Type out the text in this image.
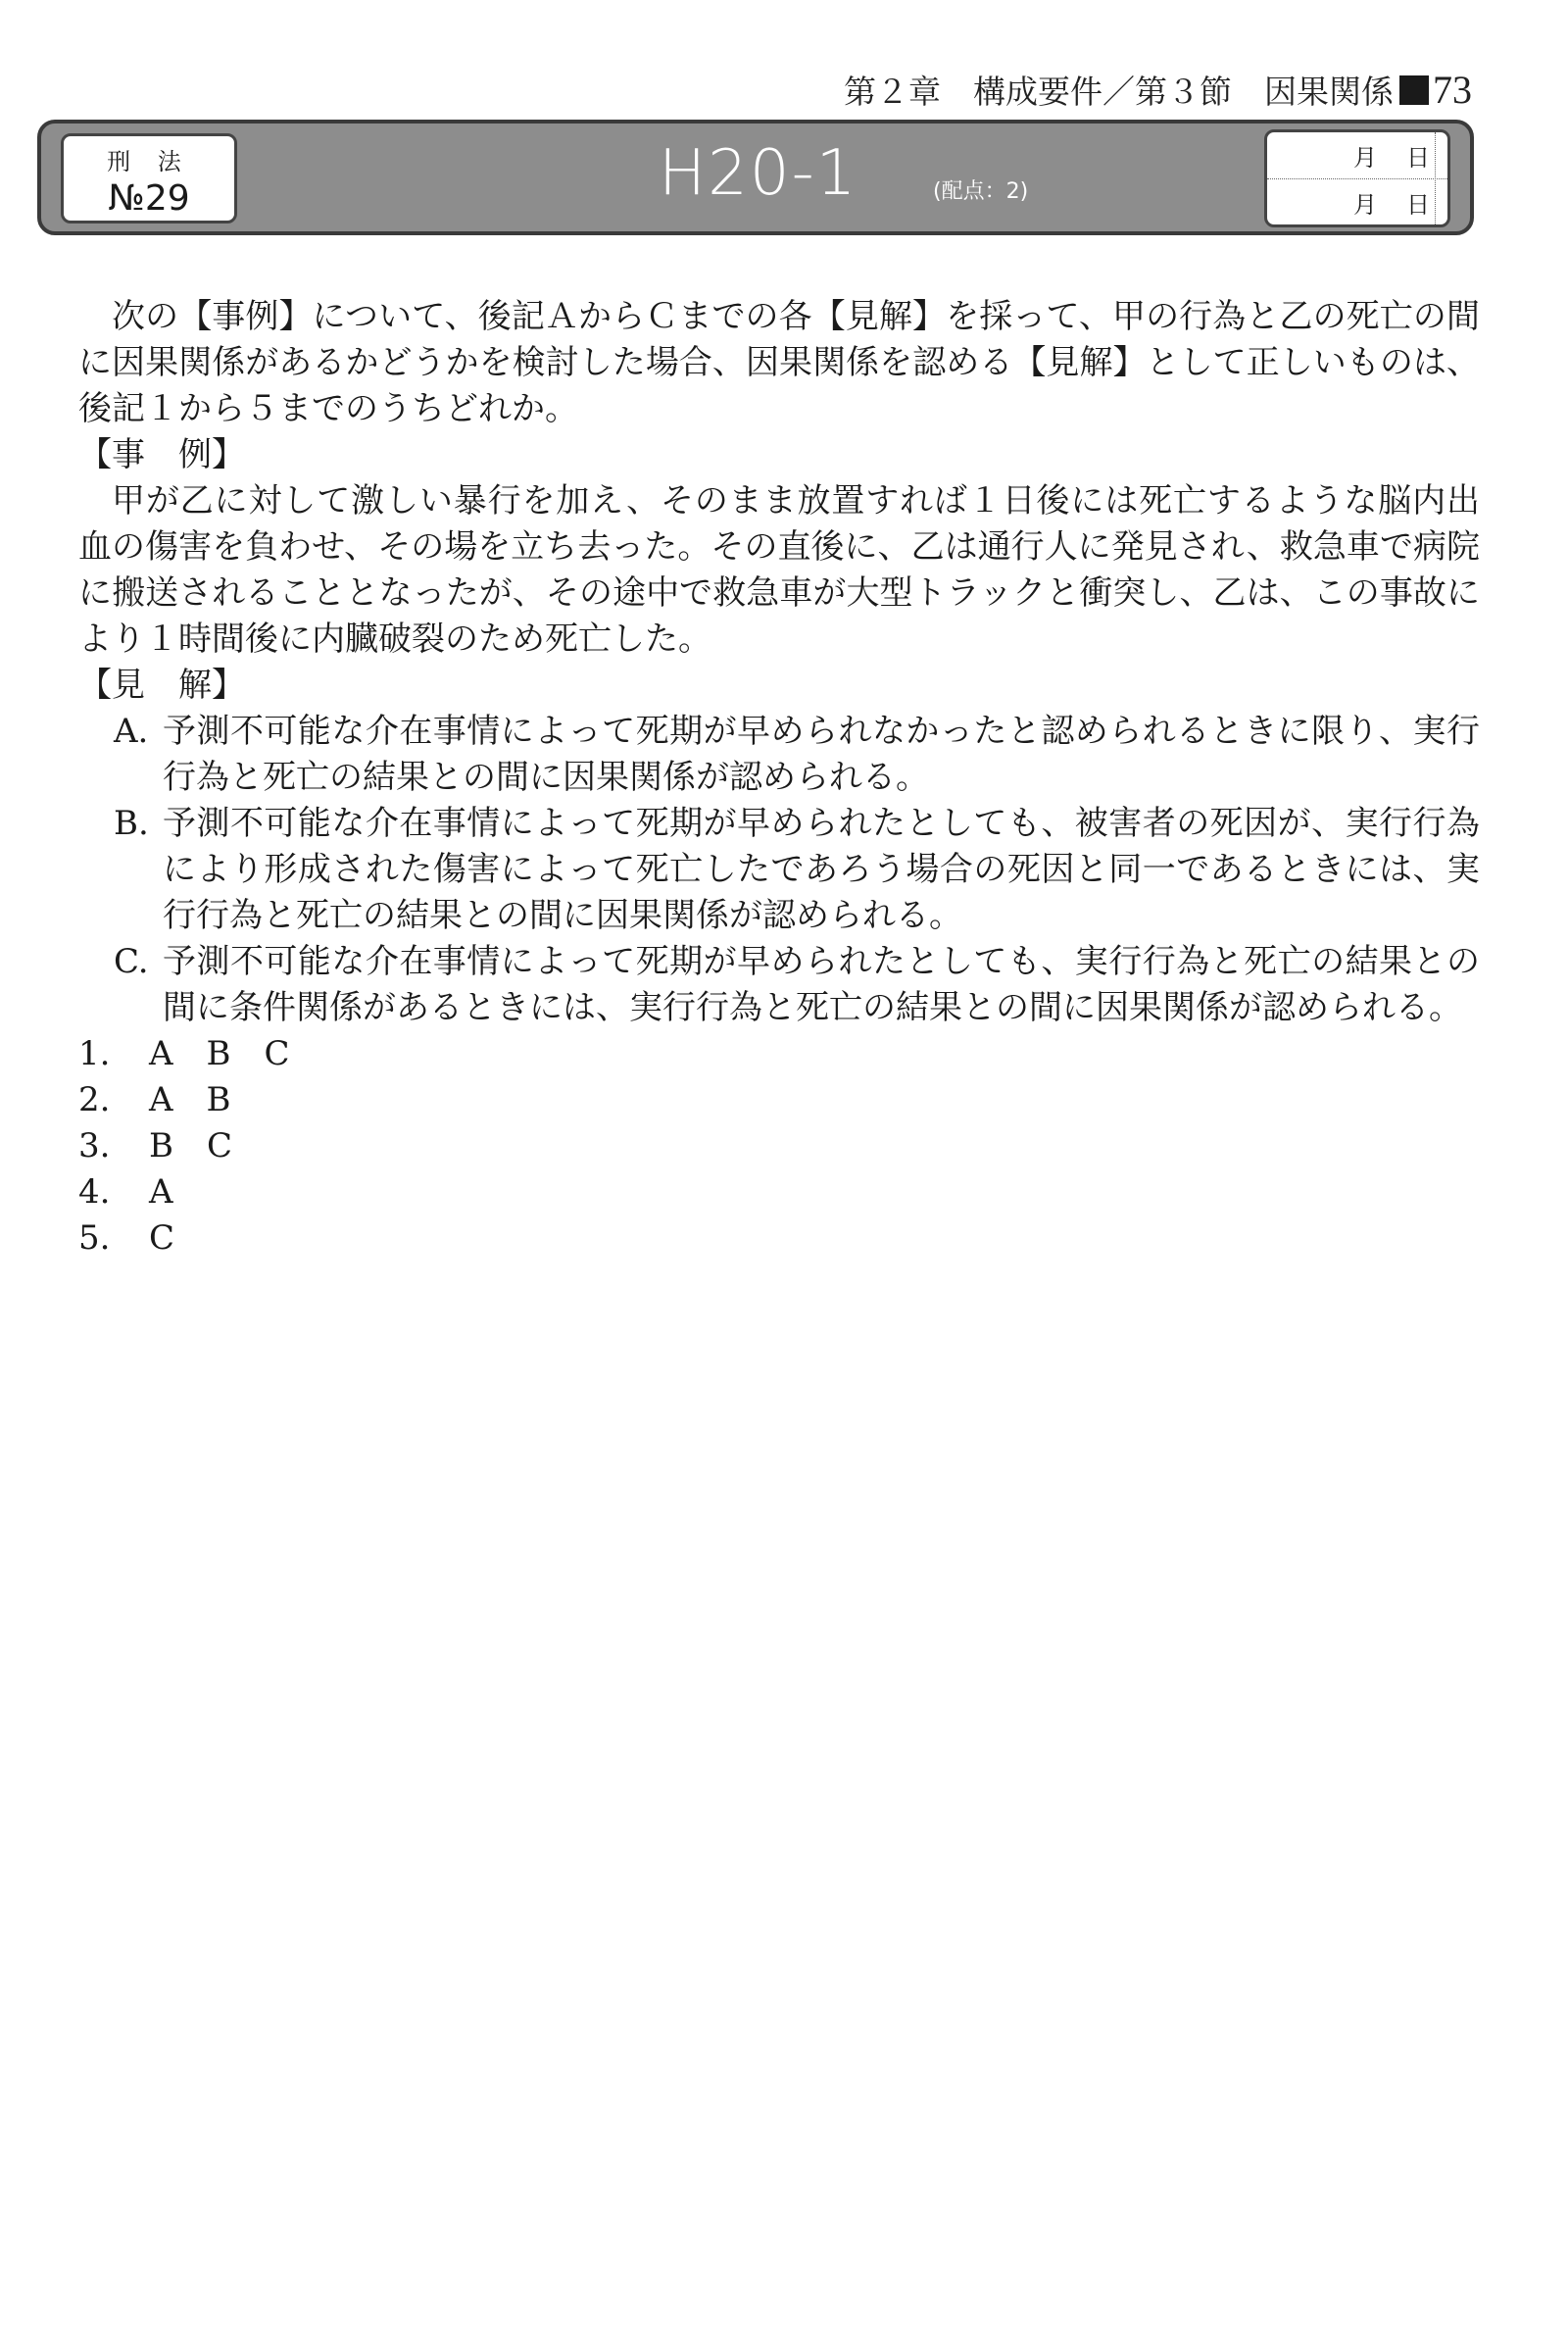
第２章　構成要件／第３節　因果関係 73
刑 法
№29	H20-1	(配点：2)
月 日
月 日

次の【事例】について、後記ＡからＣまでの各【見解】を採って、甲の行為と乙の死亡の間に因果関係があるかどうかを検討した場合、因果関係を認める【見解】として正しいものは、後記１から５までのうちどれか。

【事　例】

甲が乙に対して激しい暴行を加え、そのまま放置すれば１日後には死亡するような脳内出血の傷害を負わせ、その場を立ち去った。その直後に、乙は通行人に発見され、救急車で病院に搬送されることとなったが、その途中で救急車が大型トラックと衝突し、乙は、この事故により１時間後に内臓破裂のため死亡した。

【見　解】

A. 予測不可能な介在事情によって死期が早められなかったと認められるときに限り、実行行為と死亡の結果との間に因果関係が認められる。
B. 予測不可能な介在事情によって死期が早められたとしても、被害者の死因が、実行行為により形成された傷害によって死亡したであろう場合の死因と同一であるときには、実行行為と死亡の結果との間に因果関係が認められる。
C. 予測不可能な介在事情によって死期が早められたとしても、実行行為と死亡の結果との間に条件関係があるときには、実行行為と死亡の結果との間に因果関係が認められる。
1.	A　B　C
2.	A　B
3.	B　C
4.	A
5.	C
